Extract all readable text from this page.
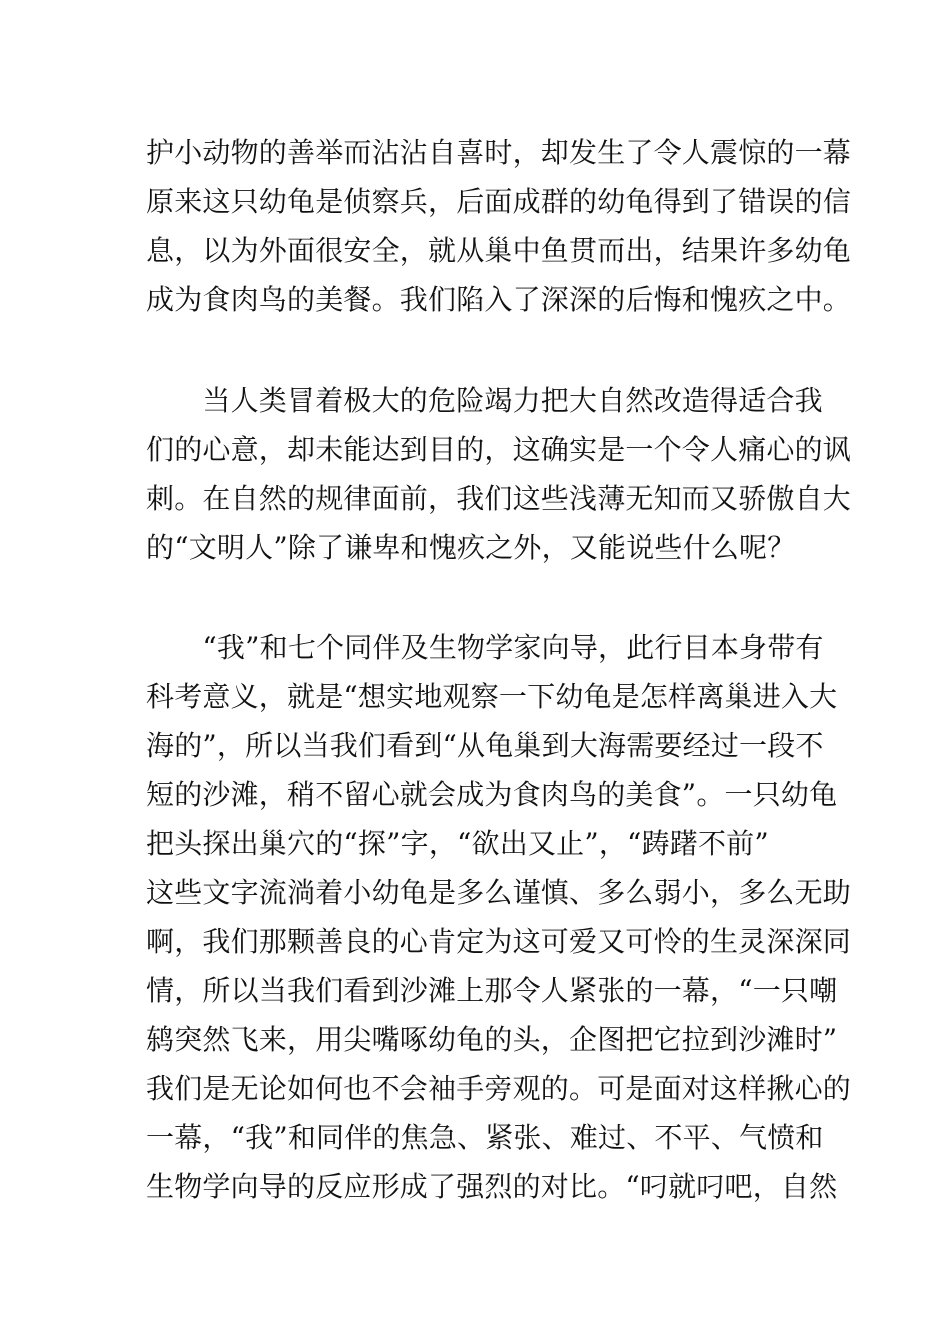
护小动物的善举而沾沾自喜时，却发生了令人震惊的一幕
原来这只幼龟是侦察兵，后面成群的幼龟得到了错误的信
息，以为外面很安全，就从巢中鱼贯而出，结果许多幼龟
成为食肉鸟的美餐。我们陷入了深深的后悔和愧疚之中。
　　当人类冒着极大的危险竭力把大自然改造得适合我
们的心意，却未能达到目的，这确实是一个令人痛心的讽
刺。在自然的规律面前，我们这些浅薄无知而又骄傲自大
的“文明人”除了谦卑和愧疚之外，又能说些什么呢？
　　“我”和七个同伴及生物学家向导，此行目本身带有
科考意义，就是“想实地观察一下幼龟是怎样离巢进入大
海的”，所以当我们看到“从龟巢到大海需要经过一段不
短的沙滩，稍不留心就会成为食肉鸟的美食”。一只幼龟
把头探出巢穴的“探”字，“欲出又止”，“踌躇不前”
这些文字流淌着小幼龟是多么谨慎、多么弱小，多么无助
啊，我们那颗善良的心肯定为这可爱又可怜的生灵深深同
情，所以当我们看到沙滩上那令人紧张的一幕，“一只嘲
鸫突然飞来，用尖嘴啄幼龟的头，企图把它拉到沙滩时”
我们是无论如何也不会袖手旁观的。可是面对这样揪心的
一幕，“我”和同伴的焦急、紧张、难过、不平、气愤和
生物学向导的反应形成了强烈的对比。“叼就叼吧，自然
